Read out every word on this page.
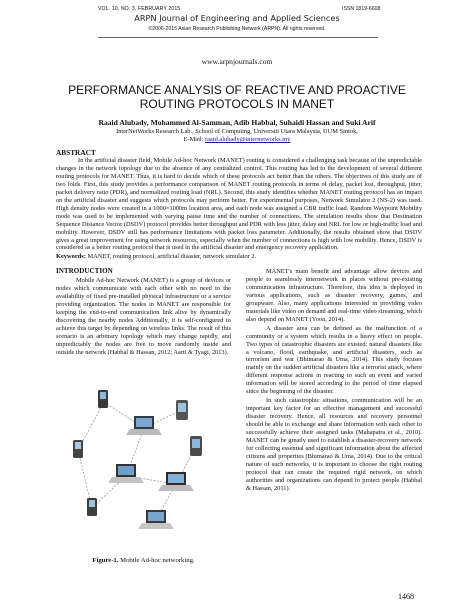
VOL. 10, NO. 3, FEBRUARY 2015	ISSN 1819-6608
ARPN Journal of Engineering and Applied Sciences
©2006-2015 Asian Research Publishing Network (ARPN). All rights reserved.
www.arpnjournals.com
PERFORMANCE ANALYSIS OF REACTIVE AND PROACTIVE ROUTING PROTOCOLS IN MANET
Raaid Alubady, Mohammed Al-Samman, Adib Habbal, Suhaidi Hassan and Suki Arif
InterNetWorks Research Lab., School of Computing, Universiti Utara Malaysia, UUM Sintok,
E-Mail: raaid.alubady@internetworks.my
ABSTRACT

In the artificial disaster field, Mobile Ad-hoc Network (MANET) routing is considered a challenging task because of the unpredictable changes in the network topology due to the absence of any centralized control. This routing has led to the development of several different routing protocols for MANET. Thus, it is hard to decide which of these protocols act better than the others. The objectives of this study are of two folds. First, this study provides a performance comparison of MANET routing protocols in terms of delay, packet lost, throughput, jitter, packet delivery ratio (PDR), and normalized routing load (NRL). Second, this study identifies whether MANET routing protocol has an impact on the artificial disaster and suggests which protocols may perform better. For experimental purposes, Network Simulator 2 (NS-2) was used. High density nodes were created in a 1000×1000m location area, and each node was assigned a CBR traffic load. Random Waypoint Mobility mode was used to be implemented with varying pause time and the number of connections. The simulation results show that Destination Sequence Distance Vector (DSDV) protocol provides better throughput and PDR with less jitter, delay and NRL for low or high-traffic load and mobility. However, DSDV still has performance limitations with packet loss parameter. Additionally, the results obtained show that DSDV gives a great improvement for using network resources, especially when the number of connections is high with low mobility. Hence, DSDV is considered as a better routing protocol that is used in the artificial disaster and emergency recovery application.

Keywords: MANET, routing protocol, artificial disaster, network simulator 2.
INTRODUCTION

Mobile Ad-hoc Network (MANET) is a group of devices or nodes which communicate with each other with no need to the availability of fixed pre-installed physical infrastructure or a service providing organization. The nodes in MANET are responsible for keeping the end-to-end communication link alive by dynamically discovering the nearby nodes Additionally, it is self-configured to achieve this target by depending on wireless links. The result of this scenario is an arbitrary topology which may change rapidly, and unpredictably the nodes are free to move randomly inside and outside the network (Habbal & Hassan, 2012; Aarti & Tyagi, 2013).

MANET's main benefit and advantage allow devices and people to seamlessly internetwork in places without pre-existing communication infrastructure. Therefore, this idea is deployed in various applications, such as disaster recovery, games, and groupware. Also, many applications interested in providing video materials like video on demand and real-time video streaming, which also depend on MANET (Yoon, 2014).

A disaster area can be defined as the malfunction of a community or a system which results in a heavy effect on people. Two types of catastrophic disasters are existed: natural disasters like a volcano, flood, earthquake, and artificial disasters, such as terrorism and war (Bhimarao & Uma, 2014). This study focuses mainly on the sudden artificial disasters like a terrorist attack, where different response actions in reacting to such an event and varied information will be stored according to the period of time elapsed since the beginning of the disaster.

In such catastrophic situations, communication will be an important key factor for an effective management and successful disaster recovery. Hence, all resources and recovery personnel should be able to exchange and share information with each other to successfully achieve their assigned tasks (Mahapatra et al., 2010). MANET can be greatly used to establish a disaster-recovery network for collecting essential and significant information about the affected citizens and properties (Bhimarao & Uma, 2014). Due to the critical nature of such networks, it is important to choose the right routing protocol that can create the required rigid network, on which authorities and organizations can depend to protect people (Habbal & Hassan, 2011).

Figure-1. Mobile Ad-hoc networking.
1468
